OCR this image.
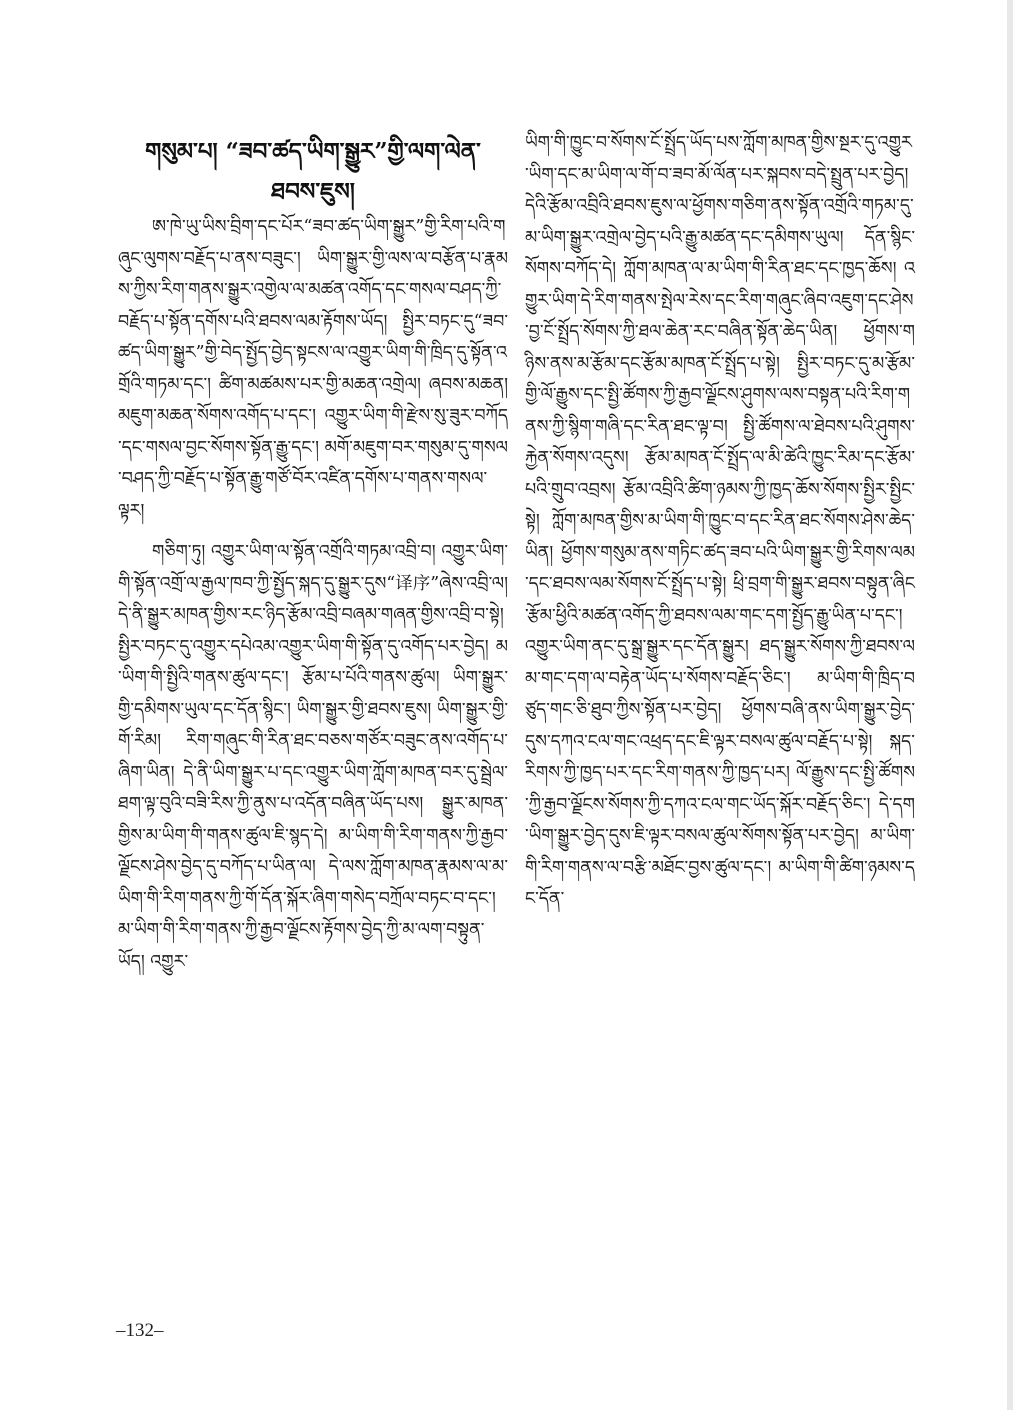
གསུམ་པ། “ཟབ་ཚད་ཡིག་སྒྱུར”གྱི་ལག་ལེན་
ཐབས་ཇུས།

ཨ་ཁེ་ཡུ་ཡིས་བྲིག་དང་པོར“ཟབ་ཚད་ཡིག་སྒྱུར”གྱི་རིག་པའི་གཞུང་ལུགས་བརྗོད་པ་ནས་བཟུང་། ཡིག་སྒྱུར་གྱི་ལས་ལ་བརྩོན་པ་རྣམས་ཀྱིས་རིག་གནས་སྒྱུར་འགྱེལ་ལ་མཚན་འགོད་དང་གསལ་བཤད་ཀྱི་བརྗོད་པ་སྟོན་དགོས་པའི་ཐབས་ལམ་རྟོགས་ཡོད། སྤྱིར་བཏང་དུ“ཟབ་ཚད་ཡིག་སྒྱུར”གྱི་བེད་སྤྱོད་བྱེད་སྟངས་ལ་འགྱུར་ཡིག་གི་ཁྲིད་དུ་སྟོན་འགྲོའི་གཏམ་དང་། ཚིག་མཚམས་པར་གྱི་མཆན་འགྲེལ། ཞབས་མཆན། མཇུག་མཆན་སོགས་འགོད་པ་དང་། འགྱུར་ཡིག་གི་རྫེས་སུ་ཟུར་བཀོད་དང་གསལ་བྱང་སོགས་སྟོན་རྒྱུ་དང་། མགོ་མཇུག་བར་གསུམ་དུ་གསལ་བཤད་ཀྱི་བརྗོད་པ་སྟོན་རྒྱུ་གཙོ་བོར་འཛིན་དགོས་པ་གནས་གསལ་ལྟར།

གཅིག་ཏུ། འགྱུར་ཡིག་ལ་སྟོན་འགྲོའི་གཏམ་འབྲི་བ། འགྱུར་ཡིག་གི་སྟོན་འགྲོ་ལ་རྒྱལ་ཁབ་ཀྱི་སྤྱོད་སྐད་དུ་སྒྱུར་དུས“译序”ཞེས་འབྲི་ལ། དེ་ནི་སྒྱུར་མཁན་གྱིས་རང་ཉིད་རྩོམ་འབྲི་བཞམ་གཞན་གྱིས་འབྲི་བ་སྟེ། སྤྱིར་བཏང་དུ་འགྱུར་དཔེའམ་འགྱུར་ཡིག་གི་སྟོན་དུ་འགོད་པར་བྱེད། མ་ཡིག་གི་སྤྱིའི་གནས་ཚུལ་དང་། རྩོམ་པ་པོའི་གནས་ཚུལ། ཡིག་སྒྱུར་གྱི་དམིགས་ཡུལ་དང་དོན་སྙིང་། ཡིག་སྒྱུར་གྱི་ཐབས་ཇུས། ཡིག་སྒྱུར་གྱི་གོ་རིམ། རིག་གཞུང་གི་རིན་ཐང་བཅས་གཙོར་བཟུང་ནས་འགོད་པ་ཞིག་ཡིན། དེ་ནི་ཡིག་སྒྱུར་པ་དང་འགྱུར་ཡིག་ཀློག་མཁན་བར་དུ་སྦྲེལ་ཐག་ལྟ་བུའི་བཟི་རིས་ཀྱི་ནུས་པ་འདོན་བཞིན་ཡོད་པས། སྒྱུར་མཁན་གྱིས་མ་ཡིག་གི་གནས་ཚུལ་ཇི་སྙད་དེ། མ་ཡིག་གི་རིག་གནས་ཀྱི་རྒྱབ་ལྗོངས་ཤེས་བྱེད་དུ་བཀོད་པ་ཡིན་ལ། དེ་ལས་ཀློག་མཁན་རྣམས་ལ་མ་ཡིག་གི་རིག་གནས་ཀྱི་གོ་དོན་སྐོར་ཞིག་གསེད་བཀྲོལ་བཏང་བ་དང་། མ་ཡིག་གི་རིག་གནས་ཀྱི་རྒྱབ་ལྗོངས་རྟོགས་བྱེད་ཀྱི་མ་ལག་བསྟུན་ཡོད། འགྱུར་

ཡིག་གི་ཁྱུང་བ་སོགས་ངོ་སྤྲོད་ཡོད་པས་ཀློག་མཁན་གྱིས་སྔར་དུ་འགྱུར་ཡིག་དང་མ་ཡིག་ལ་གོ་བ་ཟབ་མོ་ལོན་པར་སྐབས་བདེ་སྤྲུན་པར་བྱེད། དེའི་རྩོམ་འབྲིའི་ཐབས་ཇུས་ལ་ཕྱོགས་གཅིག་ནས་སྟོན་འགྲོའི་གཏམ་དུ་མ་ཡིག་སྒྱུར་འགྲེལ་བྱེད་པའི་རྒྱུ་མཚན་དང་དམིགས་ཡུལ། དོན་སྙིང་སོགས་བཀོད་དེ། ཀློག་མཁན་ལ་མ་ཡིག་གི་རིན་ཐང་དང་ཁྱད་ཆོས། འགྱུར་ཡིག་དེ་རིག་གནས་སྤེལ་རེས་དང་རིག་གཞུང་ཞིབ་འཇུག་དང་ཤེས་བྱ་ངོ་སྤྲོད་སོགས་ཀྱི་ཐལ་ཆེན་རང་བཞིན་སྟོན་ཆེད་ཡིན། ཕྱོགས་གཉིས་ནས་མ་རྩོམ་དང་རྩོམ་མཁན་ངོ་སྤྲོད་པ་སྟེ། སྤྱིར་བཏང་དུ་མ་རྩོམ་གྱི་ལོ་རྒྱུས་དང་སྤྱི་ཚོགས་ཀྱི་རྒྱབ་ལྗོངས་ཤུགས་ལས་བསྟན་པའི་རིག་གནས་ཀྱི་སྙིག་གཞི་དང་རིན་ཐང་ལྟ་བ། སྤྱི་ཚོགས་ལ་ཐེབས་པའི་ཤུགས་རྐྱེན་སོགས་འདུས། རྩོམ་མཁན་ངོ་སྤྲོད་ལ་མི་ཚེའི་ཁྱུང་རིམ་དང་རྩོམ་པའི་གྲུབ་འབྲས། རྩོམ་འབྲིའི་ཚིག་ཉམས་ཀྱི་ཁྱད་ཆོས་སོགས་སྤྱིར་སྤྱིང་སྟེ། ཀློག་མཁན་གྱིས་མ་ཡིག་གི་ཁྱུང་བ་དང་རིན་ཐང་སོགས་ཤེས་ཆེད་ཡིན། ཕྱོགས་གསུམ་ནས་གཏིང་ཚད་ཟབ་པའི་ཡིག་སྒྱུར་གྱི་རིགས་ལམ་དང་ཐབས་ལམ་སོགས་ངོ་སྤྲོད་པ་སྟེ། ཕྲི་བྲག་གི་སྒྱུར་ཐབས་བསྟུན་ཞིང་རྩོམ་ཕྱིའི་མཚན་འགོད་ཀྱི་ཐབས་ལམ་གང་དག་སྤྱོད་རྒྱུ་ཡིན་པ་དང་། འགྱུར་ཡིག་ནང་དུ་སྒྲ་སྒྱུར་དང་དོན་སྒྱུར། ཐད་སྒྱུར་སོགས་ཀྱི་ཐབས་ལམ་གང་དག་ལ་བརྟེན་ཡོད་པ་སོགས་བརྗོད་ཅིང་། མ་ཡིག་གི་ཁྲིད་བཙུད་གང་ཅི་ཐུབ་ཀྱིས་སྟོན་པར་བྱེད། ཕྱོགས་བཞི་ནས་ཡིག་སྒྱུར་བྱེད་དུས་དཀའ་ངལ་གང་འཕྲད་དང་ཇི་ལྟར་བསལ་ཚུལ་བརྗོད་པ་སྟེ། སྐད་རིགས་ཀྱི་ཁྱད་པར་དང་རིག་གནས་ཀྱི་ཁྱད་པར། ལོ་རྒྱུས་དང་སྤྱི་ཚོགས་ཀྱི་རྒྱབ་ལྗོངས་སོགས་ཀྱི་དཀའ་ངལ་གང་ཡོད་སྐོར་བརྗོད་ཅིང་། དེ་དག་ཡིག་སྒྱུར་བྱེད་དུས་ཇི་ལྟར་བསལ་ཚུལ་སོགས་སྟོན་པར་བྱེད། མ་ཡིག་གི་རིག་གནས་ལ་བརྩི་མཐོང་བྱས་ཚུལ་དང་། མ་ཡིག་གི་ཚིག་ཉམས་དང་དོན་

–132–
